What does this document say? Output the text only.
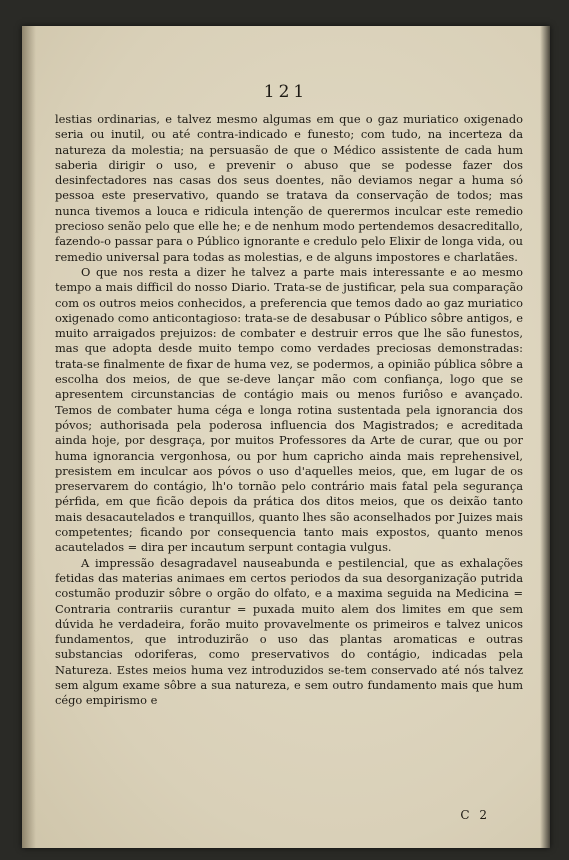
121

lestias ordinarias, e talvez mesmo algumas em que o gaz muriatico oxigenado seria ou inutil, ou até contra-indicado e funesto; com tudo, na incerteza da natureza da molestia; na persuasão de que o Médico assistente de cada hum saberia dirigir o uso, e prevenir o abuso que se podesse fazer dos desinfectadores nas casas dos seus doentes, não deviamos negar a huma só pessoa este preservativo, quando se tratava da conservação de todos; mas nunca tivemos a louca e ridicula intenção de querermos inculcar este remedio precioso senão pelo que elle he; e de nenhum modo pertendemos desacreditallo, fazendo-o passar para o Público ignorante e credulo pelo Elixir de longa vida, ou remedio universal para todas as molestias, e de alguns impostores e charlatães.

O que nos resta a dizer he talvez a parte mais interessante e ao mesmo tempo a mais difficil do nosso Diario. Trata-se de justificar, pela sua comparação com os outros meios conhecidos, a preferencia que temos dado ao gaz muriatico oxigenado como anticontagioso: trata-se de desabusar o Público sôbre antigos, e muito arraigados prejuizos: de combater e destruir erros que lhe são funestos, mas que adopta desde muito tempo como verdades preciosas demonstradas: trata-se finalmente de fixar de huma vez, se podermos, a opinião pública sôbre a escolha dos meios, de que se-deve lançar mão com confiança, logo que se apresentem circunstancias de contágio mais ou menos furiôso e avançado. Temos de combater huma céga e longa rotina sustentada pela ignorancia dos póvos; authorisada pela poderosa influencia dos Magistrados; e acreditada ainda hoje, por desgraça, por muitos Professores da Arte de curar, que ou por huma ignorancia vergonhosa, ou por hum capricho ainda mais reprehensivel, presistem em inculcar aos póvos o uso d'aquelles meios, que, em lugar de os preservarem do contágio, lh'o tornão pelo contrário mais fatal pela segurança pérfida, em que ficão depois da prática dos ditos meios, que os deixão tanto mais desacautelados e tranquillos, quanto lhes são aconselhados por Juizes mais competentes; ficando por consequencia tanto mais expostos, quanto menos acautelados = dira per incautum serpunt contagia vulgus.

A impressão desagradavel nauseabunda e pestilencial, que as exhalações fetidas das materias animaes em certos periodos da sua desorganização putrida costumão produzir sôbre o orgão do olfato, e a maxima seguida na Medicina = Contraria contrariis curantur = puxada muito alem dos limites em que sem dúvida he verdadeira, forão muito provavelmente os primeiros e talvez unicos fundamentos, que introduzirão o uso das plantas aromaticas e outras substancias odoriferas, como preservativos do contágio, indicadas pela Natureza. Estes meios huma vez introduzidos se-tem conservado até nós talvez sem algum exame sôbre a sua natureza, e sem outro fundamento mais que hum cégo empirismo e

C 2
